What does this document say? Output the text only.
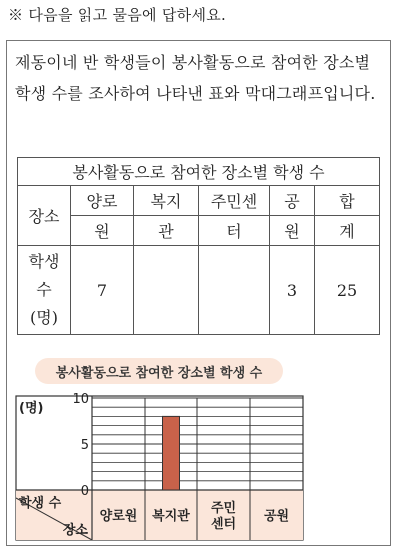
※ 다음을 읽고 물음에 답하세요.
제동이네 반 학생들이 봉사활동으로 참여한 장소별 학생 수를 조사하여 나타낸 표와 막대그래프입니다.
봉사활동으로 참여한 장소별 학생 수					
장소	양로	복지	주민센	공	합
	원	관	터	원	계

학생
수
(명)	7			3	25
봉사활동으로 참여한 장소별 학생 수
0
5
10
(명)
학생 수
장소
양로원 복지관
주민
센터
공원
